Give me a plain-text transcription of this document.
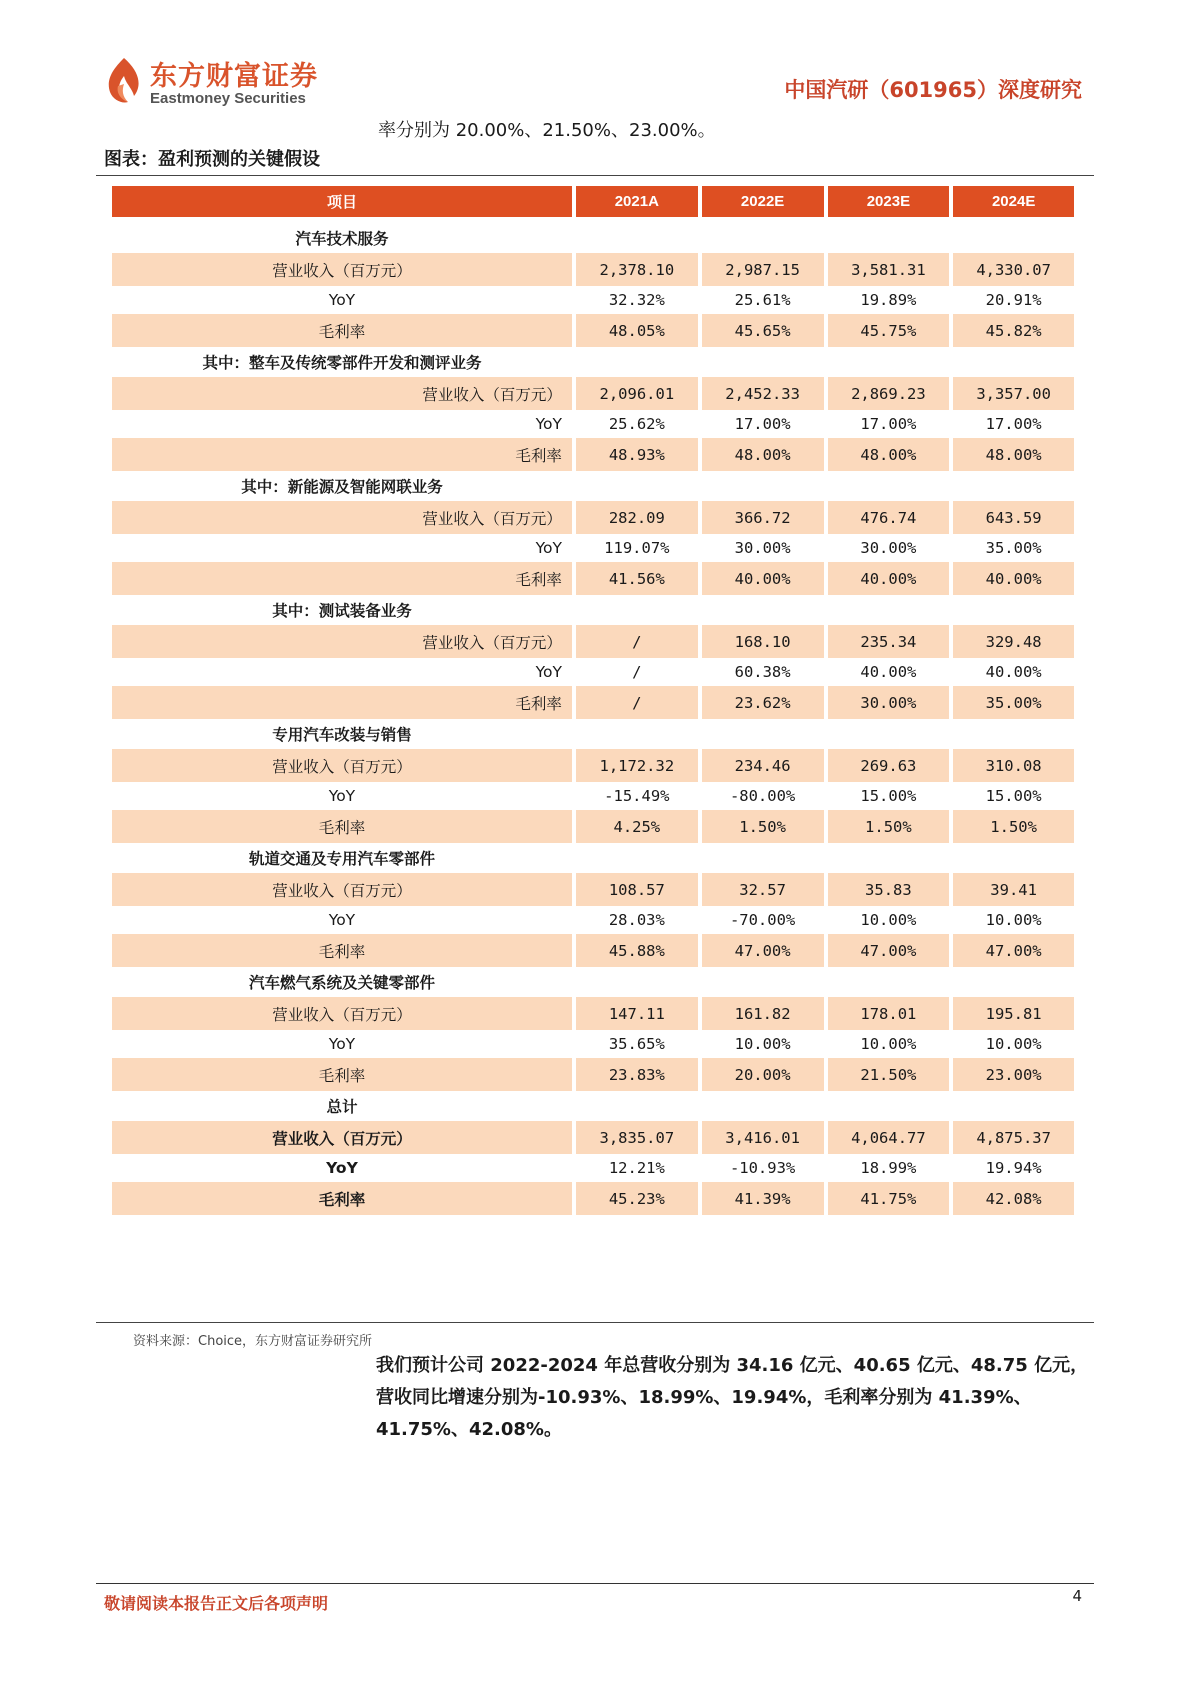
东方财富证券
Eastmoney Securities	中国汽研（601965）深度研究
率分别为 20.00%、21.50%、23.00%。
图表：盈利预测的关键假设
项目	2021A	2022E	2023E	2024E
汽车技术服务				
营业收入（百万元）	2,378.10	2,987.15	3,581.31	4,330.07
YoY	32.32%	25.61%	19.89%	20.91%
毛利率	48.05%	45.65%	45.75%	45.82%
其中：整车及传统零部件开发和测评业务				
营业收入（百万元）	2,096.01	2,452.33	2,869.23	3,357.00
YoY	25.62%	17.00%	17.00%	17.00%
毛利率	48.93%	48.00%	48.00%	48.00%
其中：新能源及智能网联业务				
营业收入（百万元）	282.09	366.72	476.74	643.59
YoY	119.07%	30.00%	30.00%	35.00%
毛利率	41.56%	40.00%	40.00%	40.00%
其中：测试装备业务				
营业收入（百万元）	/	168.10	235.34	329.48
YoY	/	60.38%	40.00%	40.00%
毛利率	/	23.62%	30.00%	35.00%
专用汽车改装与销售				
营业收入（百万元）	1,172.32	234.46	269.63	310.08
YoY	-15.49%	-80.00%	15.00%	15.00%
毛利率	4.25%	1.50%	1.50%	1.50%
轨道交通及专用汽车零部件				
营业收入（百万元）	108.57	32.57	35.83	39.41
YoY	28.03%	-70.00%	10.00%	10.00%
毛利率	45.88%	47.00%	47.00%	47.00%
汽车燃气系统及关键零部件				
营业收入（百万元）	147.11	161.82	178.01	195.81
YoY	35.65%	10.00%	10.00%	10.00%
毛利率	23.83%	20.00%	21.50%	23.00%
总计				
营业收入（百万元）	3,835.07	3,416.01	4,064.77	4,875.37
YoY	12.21%	-10.93%	18.99%	19.94%
毛利率	45.23%	41.39%	41.75%	42.08%
资料来源：Choice，东方财富证券研究所

我们预计公司 2022-2024 年总营收分别为 34.16 亿元、40.65 亿元、48.75 亿元，营收同比增速分别为-10.93%、18.99%、19.94%，毛利率分别为 41.39%、41.75%、42.08%。

敬请阅读本报告正文后各项声明	4
